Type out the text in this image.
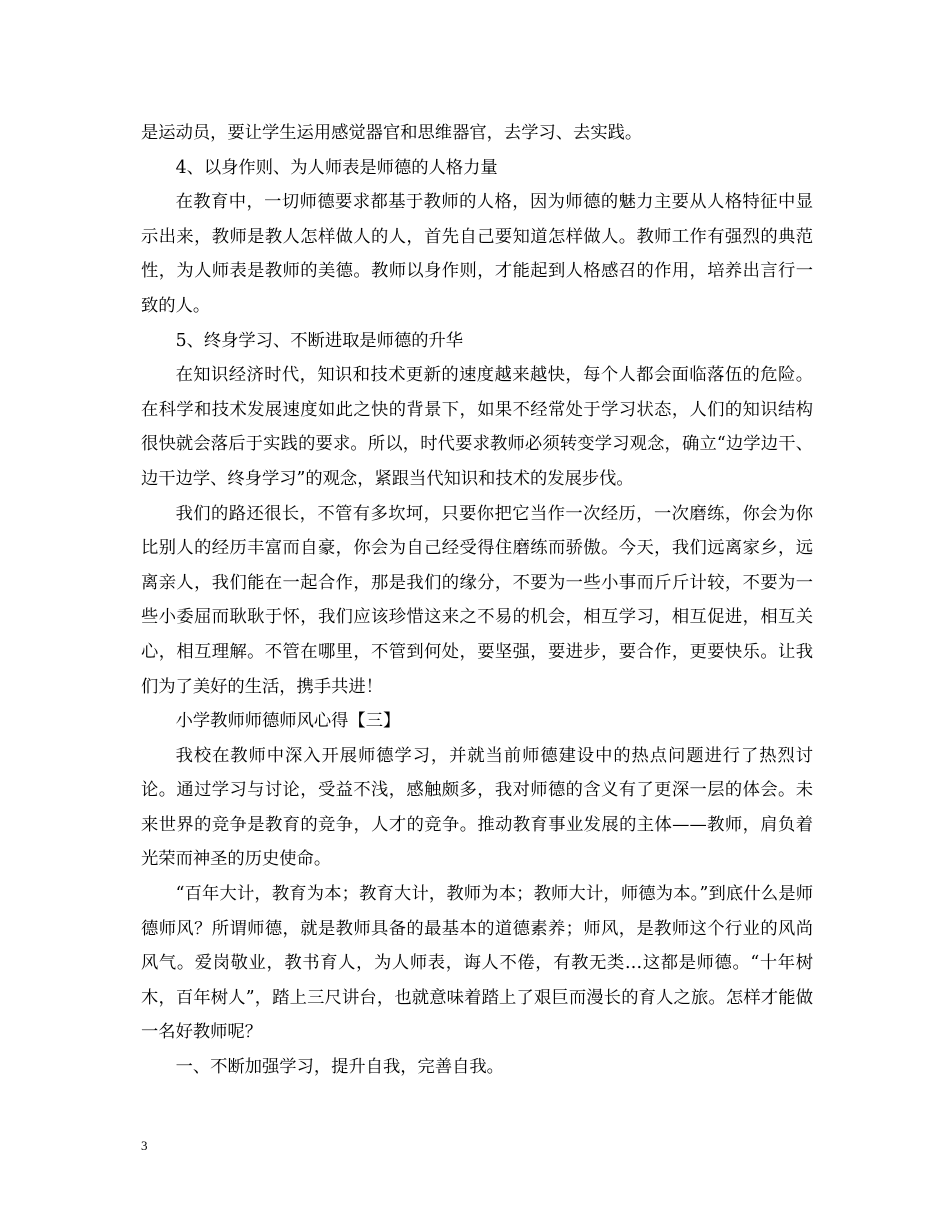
是运动员，要让学生运用感觉器官和思维器官，去学习、去实践。

4、以身作则、为人师表是师德的人格力量

在教育中，一切师德要求都基于教师的人格，因为师德的魅力主要从人格特征中显示出来，教师是教人怎样做人的人，首先自己要知道怎样做人。教师工作有强烈的典范性，为人师表是教师的美德。教师以身作则，才能起到人格感召的作用，培养出言行一致的人。

5、终身学习、不断进取是师德的升华

在知识经济时代，知识和技术更新的速度越来越快，每个人都会面临落伍的危险。在科学和技术发展速度如此之快的背景下，如果不经常处于学习状态，人们的知识结构很快就会落后于实践的要求。所以，时代要求教师必须转变学习观念，确立“边学边干、边干边学、终身学习”的观念，紧跟当代知识和技术的发展步伐。

我们的路还很长，不管有多坎坷，只要你把它当作一次经历，一次磨练，你会为你比别人的经历丰富而自豪，你会为自己经受得住磨练而骄傲。今天，我们远离家乡，远离亲人，我们能在一起合作，那是我们的缘分，不要为一些小事而斤斤计较，不要为一些小委屈而耿耿于怀，我们应该珍惜这来之不易的机会，相互学习，相互促进，相互关心，相互理解。不管在哪里，不管到何处，要坚强，要进步，要合作，更要快乐。让我们为了美好的生活，携手共进！

小学教师师德师风心得【三】

我校在教师中深入开展师德学习，并就当前师德建设中的热点问题进行了热烈讨论。通过学习与讨论，受益不浅，感触颇多，我对师德的含义有了更深一层的体会。未来世界的竞争是教育的竞争，人才的竞争。推动教育事业发展的主体——教师，肩负着光荣而神圣的历史使命。

“百年大计，教育为本；教育大计，教师为本；教师大计，师德为本。”到底什么是师德师风？所谓师德，就是教师具备的最基本的道德素养；师风，是教师这个行业的风尚风气。爱岗敬业，教书育人，为人师表，诲人不倦，有教无类…这都是师德。“十年树木，百年树人”，踏上三尺讲台，也就意味着踏上了艰巨而漫长的育人之旅。怎样才能做一名好教师呢？

一、不断加强学习，提升自我，完善自我。

3
